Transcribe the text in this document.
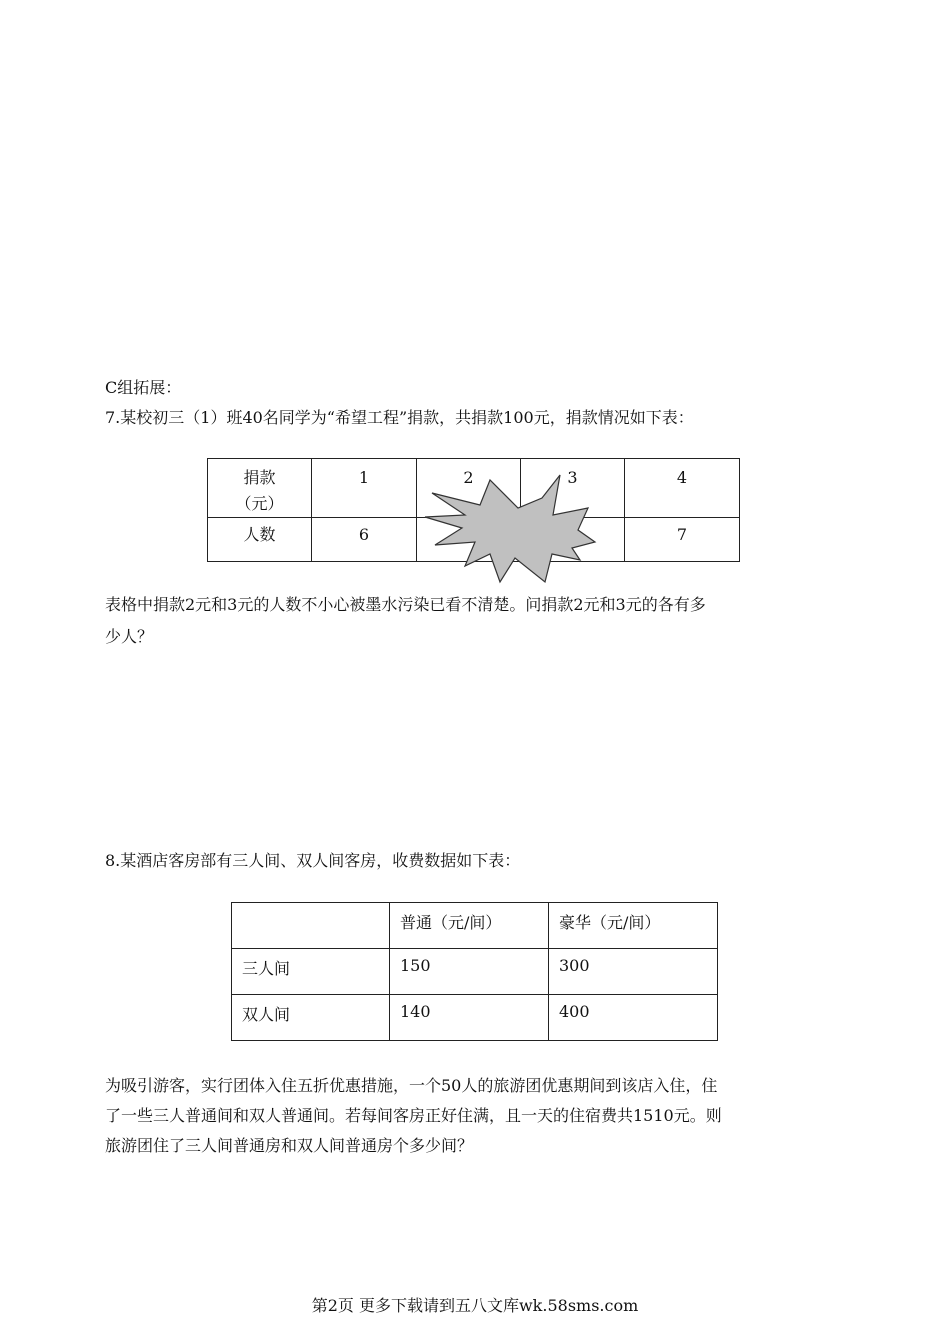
C组拓展：
7.某校初三（1）班40名同学为“希望工程”捐款，共捐款100元，捐款情况如下表：
捐款
（元）	1	2	3	4
人数	6			7
表格中捐款2元和3元的人数不小心被墨水污染已看不清楚。问捐款2元和3元的各有多
少人？
8.某酒店客房部有三人间、双人间客房，收费数据如下表：
	普通（元/间）	豪华（元/间）
三人间	150	300
双人间	140	400
为吸引游客，实行团体入住五折优惠措施，一个50人的旅游团优惠期间到该店入住，住
了一些三人普通间和双人普通间。若每间客房正好住满，且一天的住宿费共1510元。则
旅游团住了三人间普通房和双人间普通房个多少间？
第2页 更多下载请到五八文库wk.58sms.com
